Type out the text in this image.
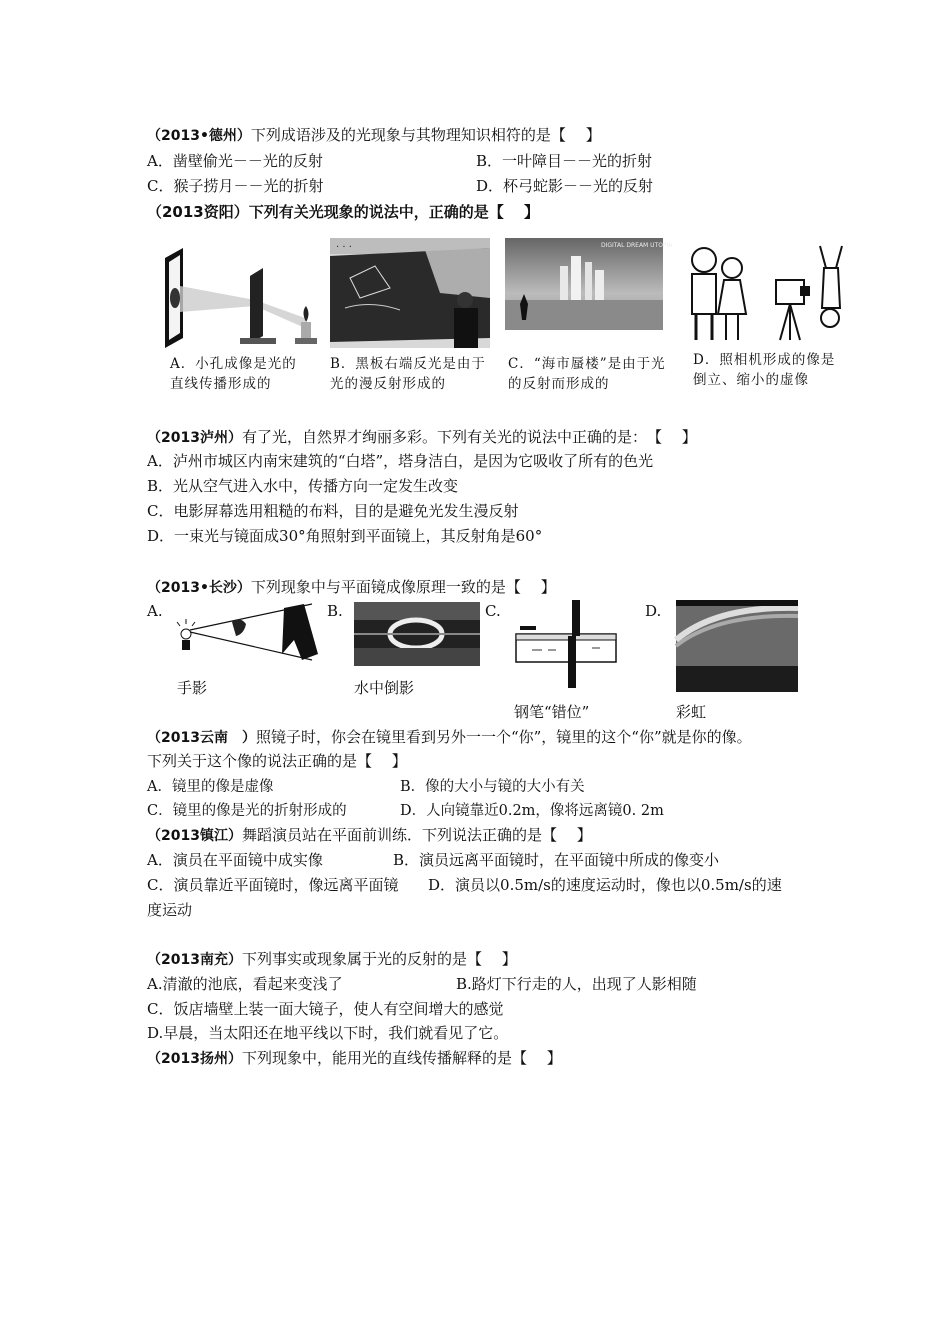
（2013•德州）下列成语涉及的光现象与其物理知识相符的是【　 】
A．凿壁偷光－－光的反射	B．一叶障目－－光的折射
C．猴子捞月－－光的折射	D．杯弓蛇影－－光的反射
（2013资阳）下列有关光现象的说法中，正确的是【　 】
· · ·	DIGITAL DREAM UTOPIA
A．小孔成像是光的直线传播形成的
B．黑板右端反光是由于光的漫反射形成的
C．“海市蜃楼”是由于光的反射而形成的
D．照相机形成的像是倒立、缩小的虚像
（2013泸州）有了光，自然界才绚丽多彩。下列有关光的说法中正确的是：　【　 】
A．泸州市城区内南宋建筑的“白塔”，塔身洁白，是因为它吸收了所有的色光
B．光从空气进入水中，传播方向一定发生改变
C．电影屏幕选用粗糙的布料，目的是避免光发生漫反射
D．一束光与镜面成30°角照射到平面镜上，其反射角是60°
（2013•长沙）下列现象中与平面镜成像原理一致的是【　 】
A.	B.	C.	D.
手影	水中倒影
钢笔“错位”	彩虹
（2013云南　）照镜子时，你会在镜里看到另外一一个“你”，镜里的这个“你”就是你的像。
下列关于这个像的说法正确的是【　 】
A．镜里的像是虚像	B．像的大小与镜的大小有关
C．镜里的像是光的折射形成的	D．人向镜靠近0.2m，像将远离镜0. 2m
（2013镇江）舞蹈演员站在平面前训练．下列说法正确的是【　 】
A．演员在平面镜中成实像	B．演员远离平面镜时，在平面镜中所成的像变小
C．演员靠近平面镜时，像远离平面镜 D．演员以0.5m/s的速度运动时，像也以0.5m/s的速
度运动
（2013南充）下列事实或现象属于光的反射的是【　 】
A.清澈的池底，看起来变浅了	B.路灯下行走的人，出现了人影相随
C．饭店墙壁上装一面大镜子，使人有空间增大的感觉
D.早晨，当太阳还在地平线以下时，我们就看见了它。
（2013扬州）下列现象中，能用光的直线传播解释的是【　 】
